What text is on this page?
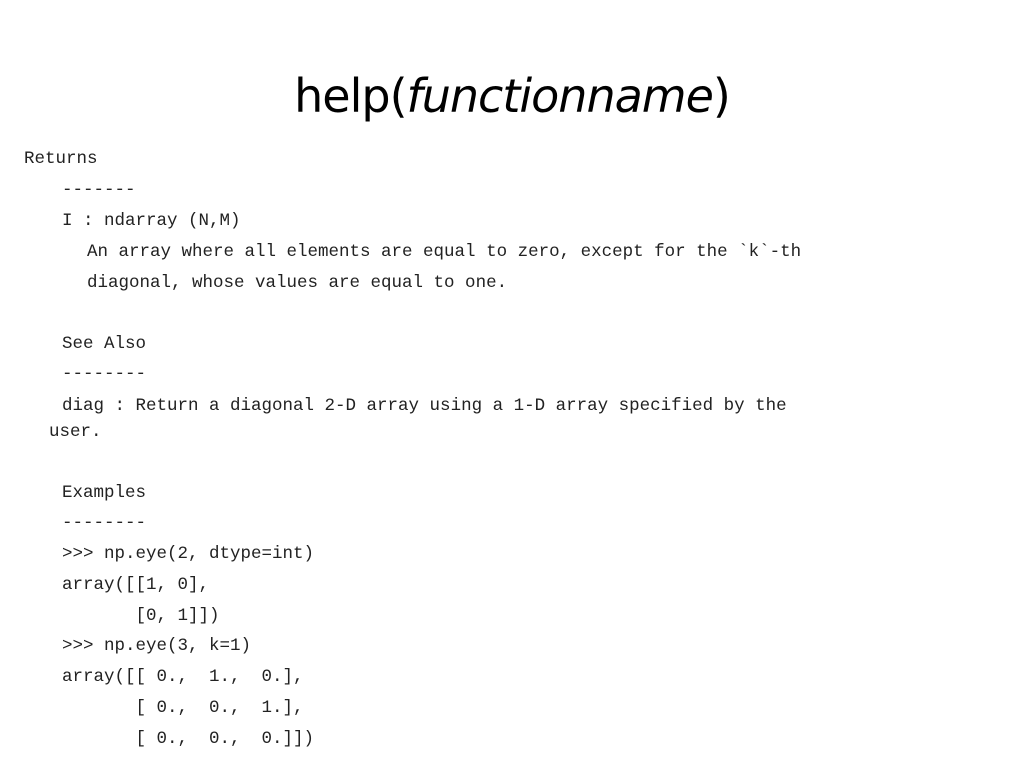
help(functionname)
Returns
-------
I : ndarray (N,M)
An array where all elements are equal to zero, except for the `k`-th
diagonal, whose values are equal to one.
See Also
--------
diag : Return a diagonal 2-D array using a 1-D array specified by the
user.
Examples
--------
>>> np.eye(2, dtype=int)
array([[1, 0],
[0, 1]])
>>> np.eye(3, k=1)
array([[ 0.,  1.,  0.],
[ 0.,  0.,  1.],
[ 0.,  0.,  0.]])
